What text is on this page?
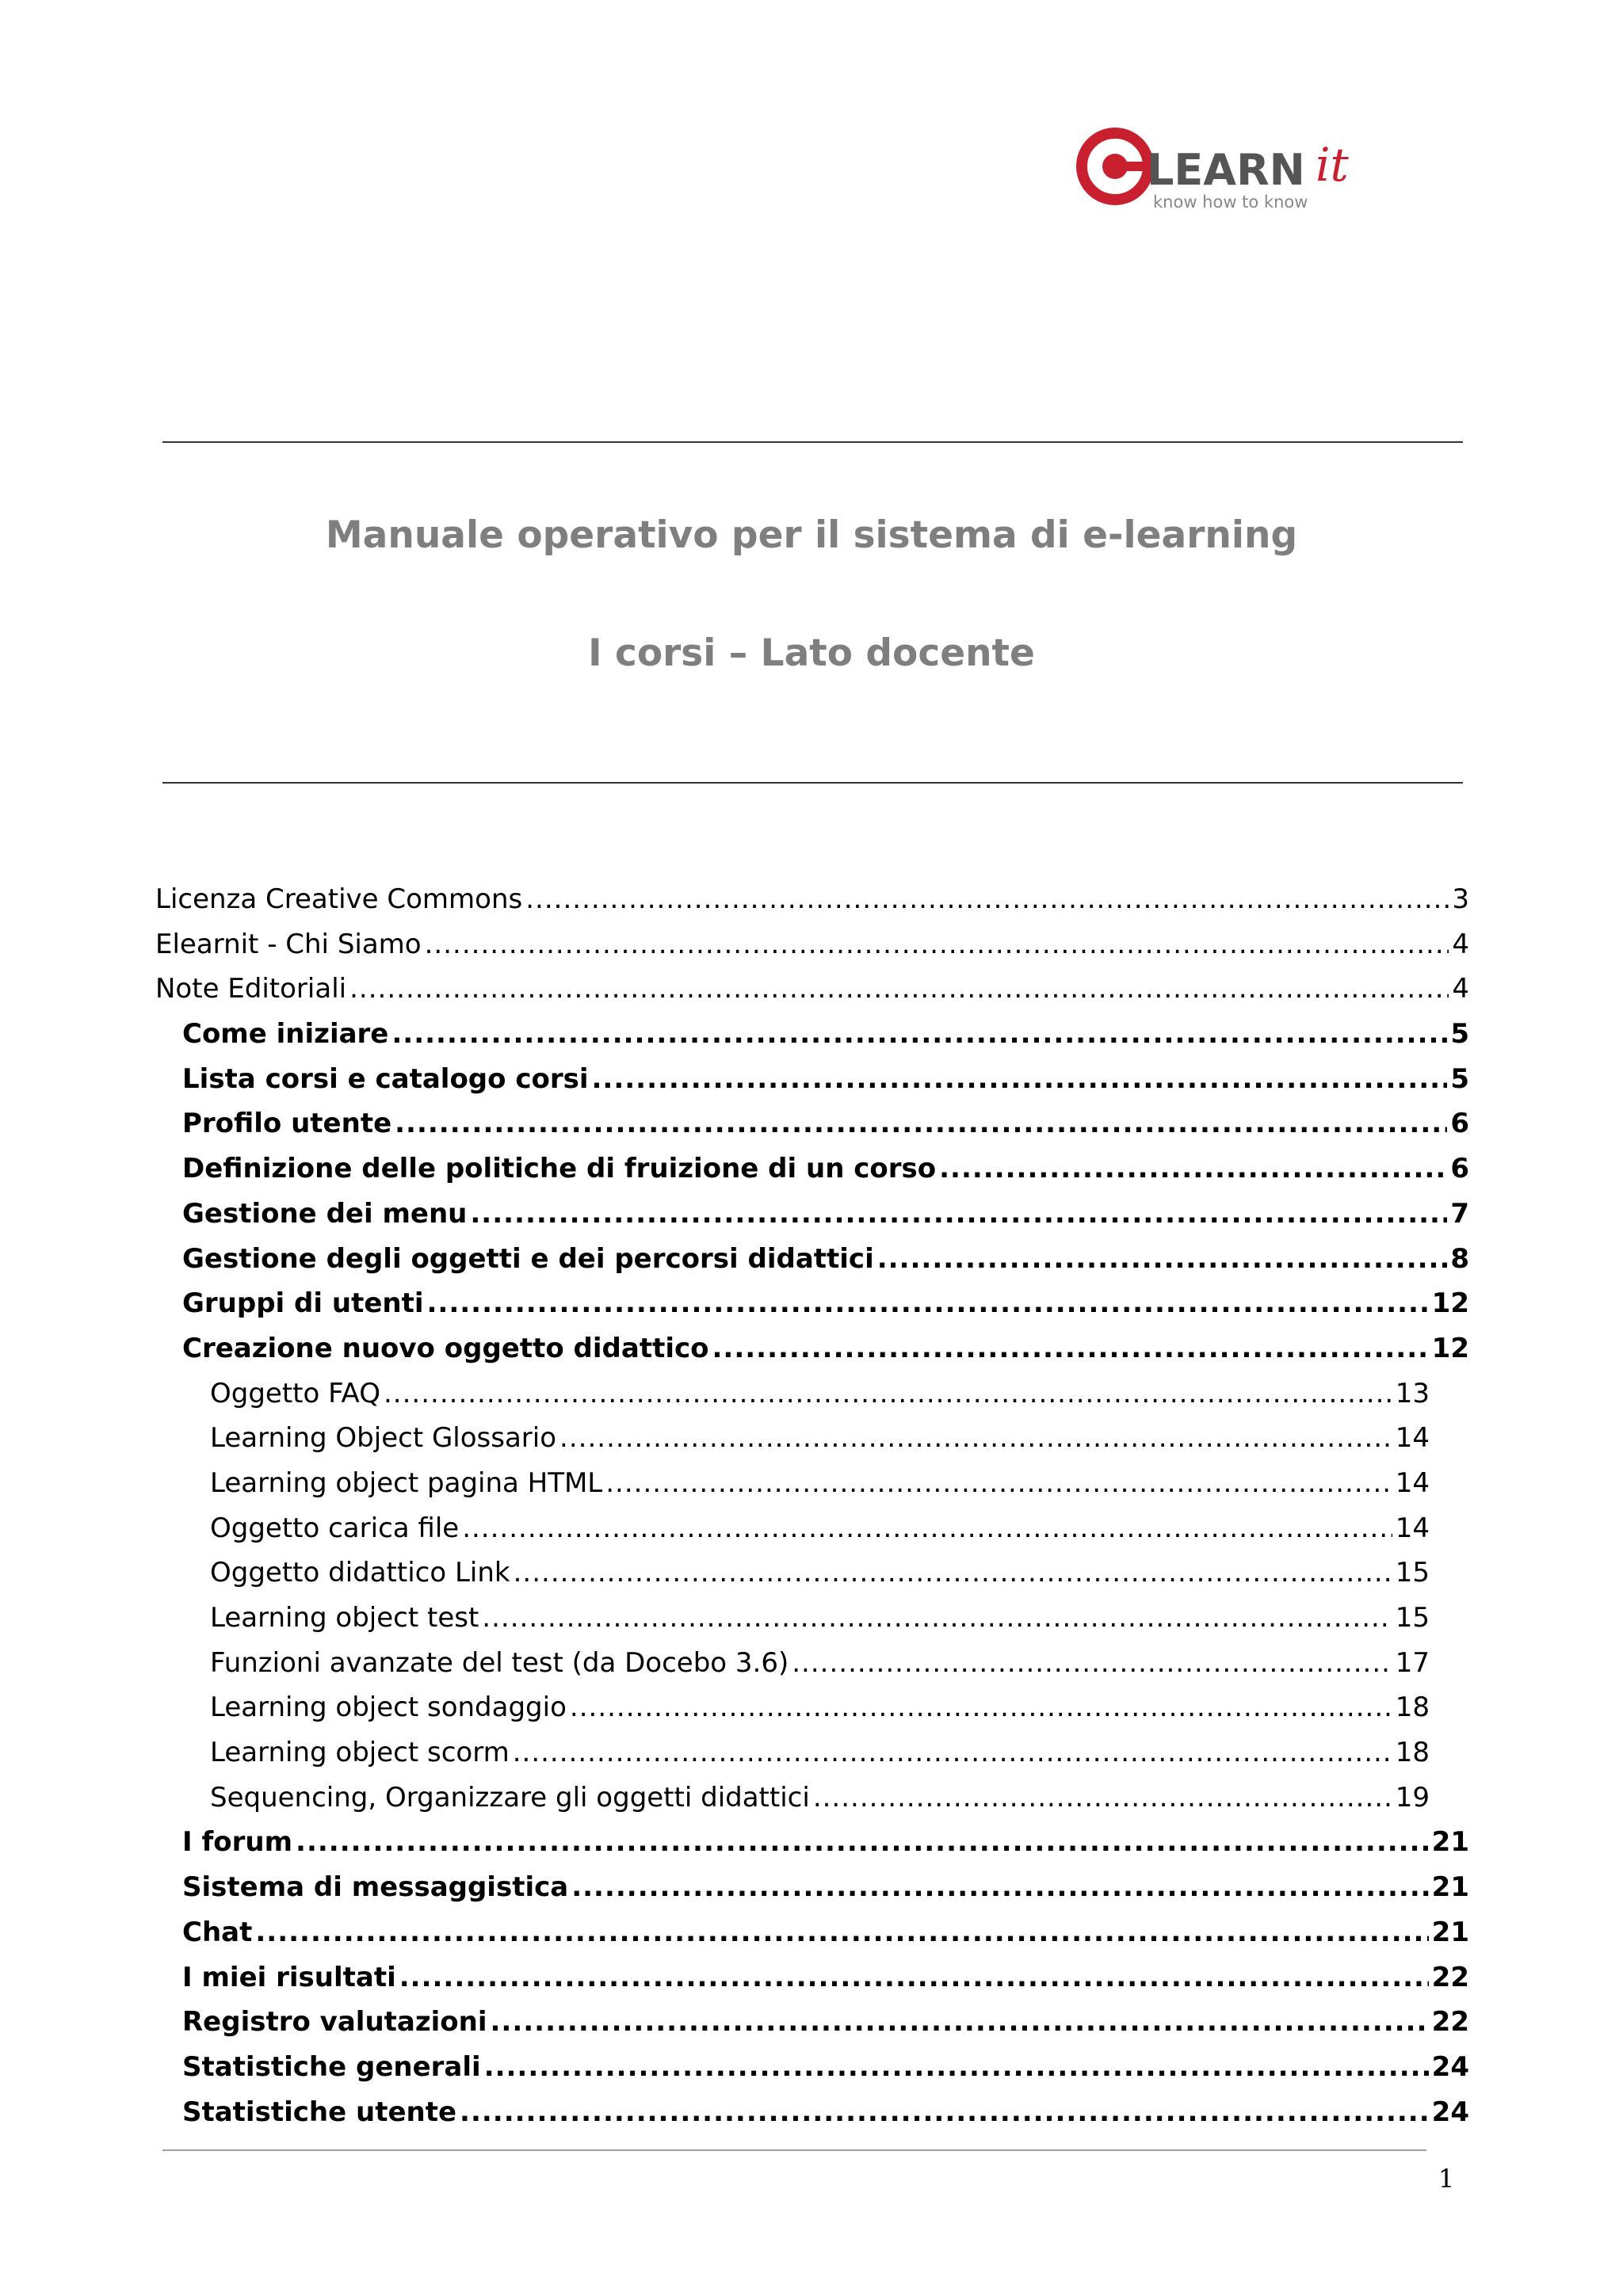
LEARN it
know how to know
Manuale operativo per il sistema di e-learning
I corsi – Lato docente
Licenza Creative Commons .....	3
Elearnit - Chi Siamo .....	4
Note Editoriali .....	4
Come iniziare .....	5
Lista corsi e catalogo corsi .....	5
Profilo utente .....	6
Definizione delle politiche di fruizione di un corso .....	6
Gestione dei menu .....	7
Gestione degli oggetti e dei percorsi didattici .....	8
Gruppi di utenti .....	12
Creazione nuovo oggetto didattico .....	12
Oggetto FAQ .....	13
Learning Object Glossario .....	14
Learning object pagina HTML .....	14
Oggetto carica file .....	14
Oggetto didattico Link .....	15
Learning object test .....	15
Funzioni avanzate del test (da Docebo 3.6) .....	17
Learning object sondaggio .....	18
Learning object scorm .....	18
Sequencing, Organizzare gli oggetti didattici .....	19
I forum .....	21
Sistema di messaggistica .....	21
Chat .....	21
I miei risultati .....	22
Registro valutazioni .....	22
Statistiche generali .....	24
Statistiche utente .....	24
1
